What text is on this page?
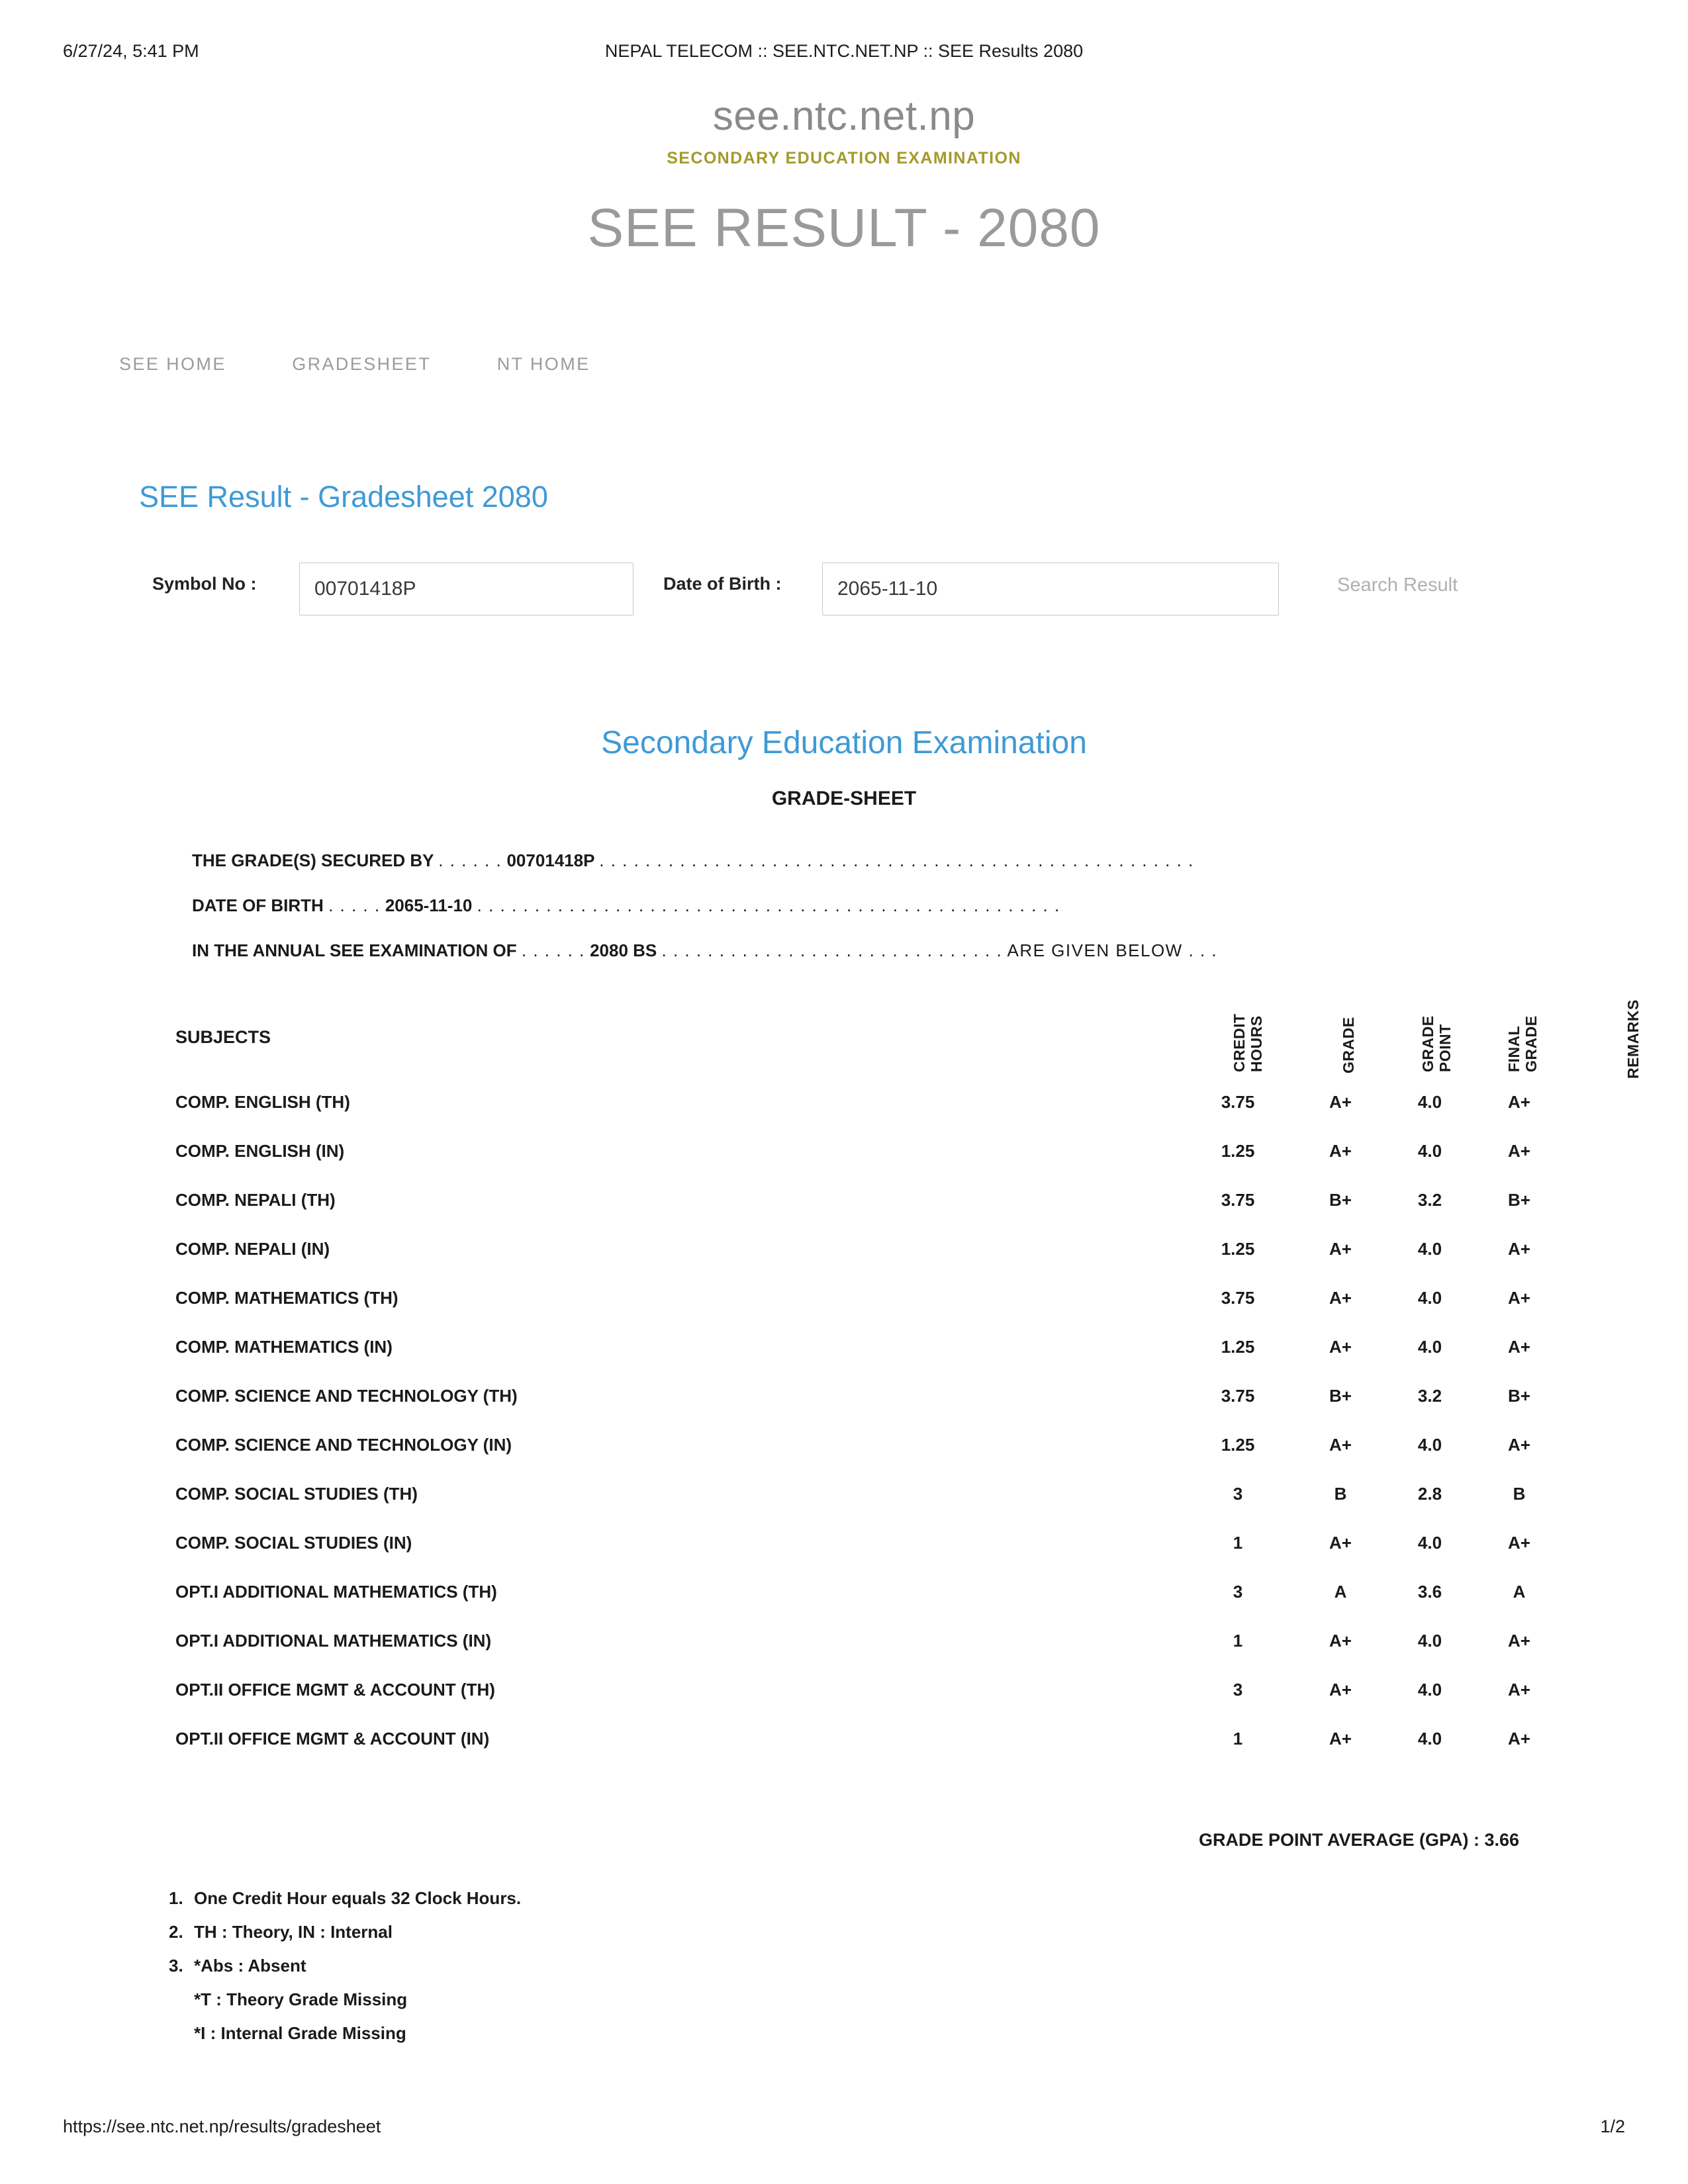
6/27/24, 5:41 PM	NEPAL TELECOM :: SEE.NTC.NET.NP :: SEE Results 2080
see.ntc.net.np
SECONDARY EDUCATION EXAMINATION
SEE RESULT - 2080
SEE HOME	GRADESHEET	NT HOME
SEE Result - Gradesheet 2080
Symbol No :	00701418P	Date of Birth :	2065-11-10	Search Result
Secondary Education Examination
GRADE-SHEET
THE GRADE(S) SECURED BY . . . . . . 00701418P . . . . . . . . . . . . . . . . . . . . . . . . . . . . . . . . . . . . . . . . . . . . . . . . . . . .
DATE OF BIRTH . . . . . 2065-11-10 . . . . . . . . . . . . . . . . . . . . . . . . . . . . . . . . . . . . . . . . . . . . . . . . . . .
IN THE ANNUAL SEE EXAMINATION OF . . . . . . 2080 BS . . . . . . . . . . . . . . . . . . . . . . . . . . . . . . ARE GIVEN BELOW . . .
SUBJECTS	CREDIT HOURS	GRADE	GRADE POINT	FINAL GRADE	REMARKS
COMP. ENGLISH (TH)	3.75	A+	4.0	A+
COMP. ENGLISH (IN)	1.25	A+	4.0	A+
COMP. NEPALI (TH)	3.75	B+	3.2	B+
COMP. NEPALI (IN)	1.25	A+	4.0	A+
COMP. MATHEMATICS (TH)	3.75	A+	4.0	A+
COMP. MATHEMATICS (IN)	1.25	A+	4.0	A+
COMP. SCIENCE AND TECHNOLOGY (TH)	3.75	B+	3.2	B+
COMP. SCIENCE AND TECHNOLOGY (IN)	1.25	A+	4.0	A+
COMP. SOCIAL STUDIES (TH)	3	B	2.8	B
COMP. SOCIAL STUDIES (IN)	1	A+	4.0	A+
OPT.I ADDITIONAL MATHEMATICS (TH)	3	A	3.6	A
OPT.I ADDITIONAL MATHEMATICS (IN)	1	A+	4.0	A+
OPT.II OFFICE MGMT & ACCOUNT (TH)	3	A+	4.0	A+
OPT.II OFFICE MGMT & ACCOUNT (IN)	1	A+	4.0	A+
GRADE POINT AVERAGE (GPA) : 3.66
1. One Credit Hour equals 32 Clock Hours.
2. TH : Theory, IN : Internal
3. *Abs : Absent
*T : Theory Grade Missing
*I : Internal Grade Missing
https://see.ntc.net.np/results/gradesheet	1/2
